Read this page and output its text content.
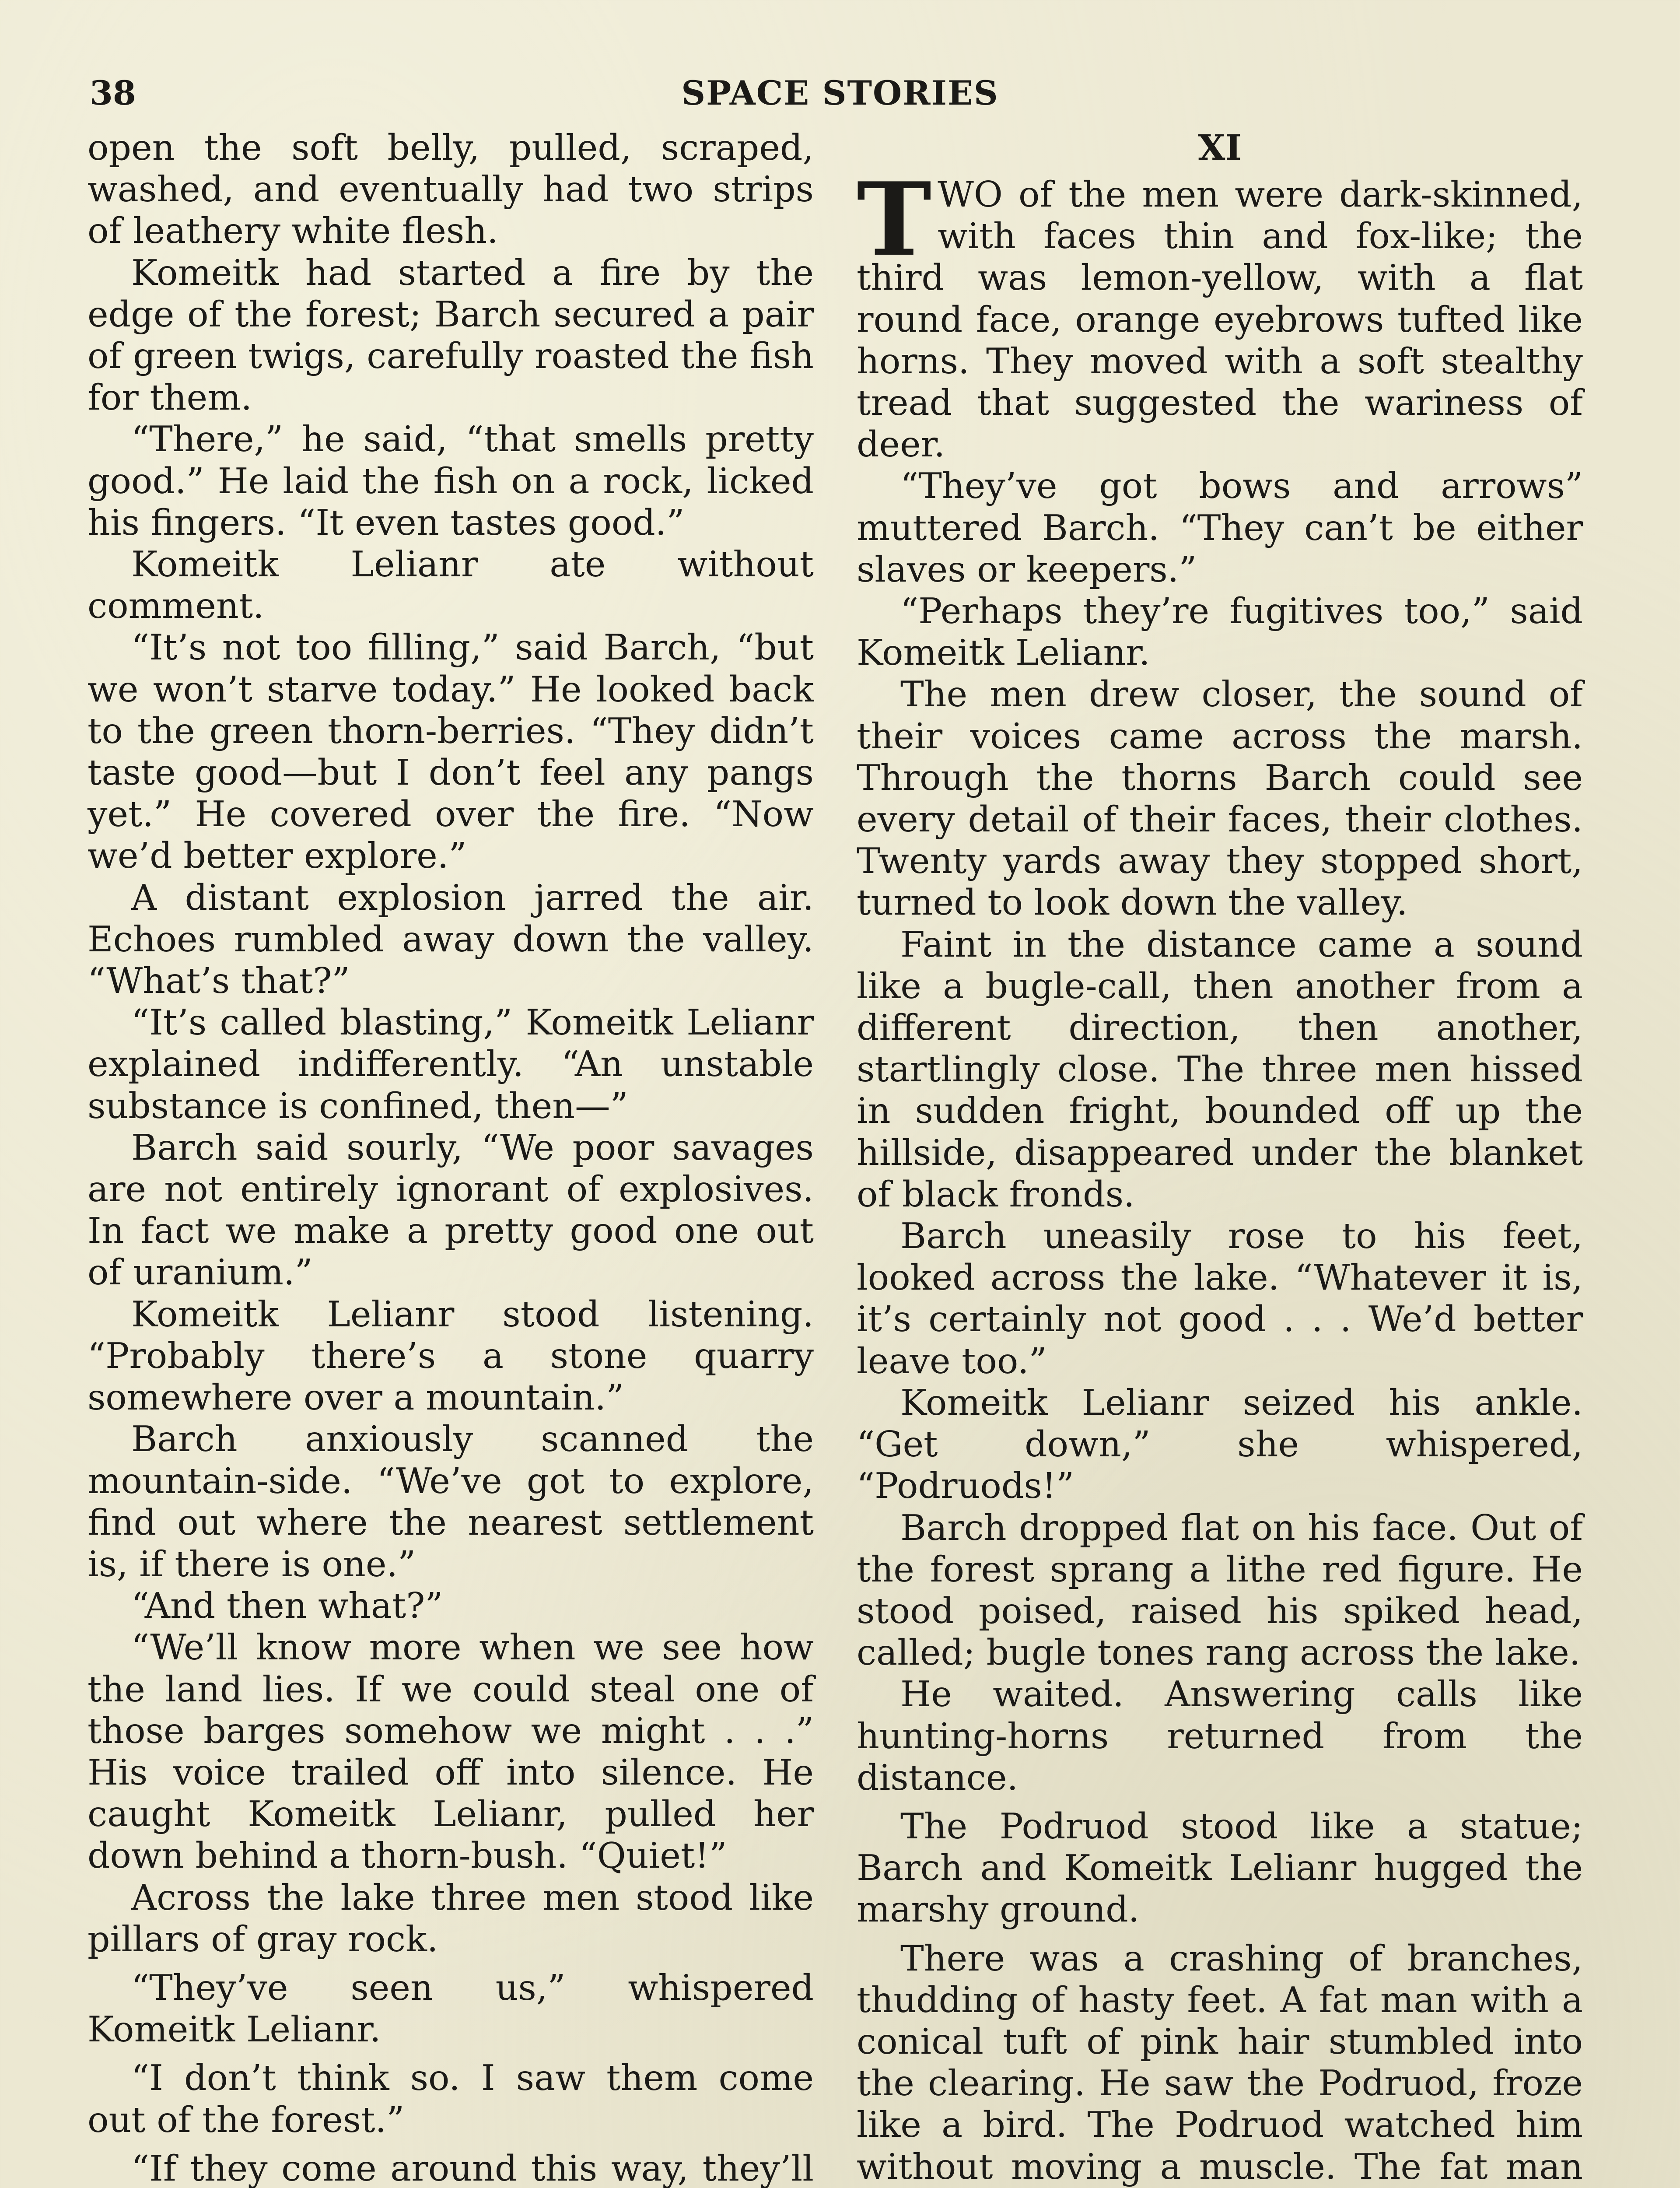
38	SPACE STORIES

open the soft belly, pulled, scraped, washed, and eventually had two strips of leathery white flesh.

Komeitk had started a fire by the edge of the forest; Barch secured a pair of green twigs, carefully roasted the fish for them.

“There,” he said, “that smells pretty good.” He laid the fish on a rock, licked his fingers. “It even tastes good.”

Komeitk Lelianr ate without comment.

“It’s not too filling,” said Barch, “but we won’t starve today.” He looked back to the green thorn-berries. “They didn’t taste good—but I don’t feel any pangs yet.” He covered over the fire. “Now we’d better explore.”

A distant explosion jarred the air. Echoes rumbled away down the valley. “What’s that?”

“It’s called blasting,” Komeitk Lelianr explained indifferently. “An unstable substance is confined, then—”

Barch said sourly, “We poor savages are not entirely ignorant of explosives. In fact we make a pretty good one out of uranium.”

Komeitk Lelianr stood listening. “Probably there’s a stone quarry somewhere over a mountain.”

Barch anxiously scanned the mountain-side. “We’ve got to explore, find out where the nearest settlement is, if there is one.”

“And then what?”

“We’ll know more when we see how the land lies. If we could steal one of those barges somehow we might . . .” His voice trailed off into silence. He caught Komeitk Lelianr, pulled her down behind a thorn-bush. “Quiet!”

Across the lake three men stood like pillars of gray rock.

“They’ve seen us,” whispered Komeitk Lelianr.

“I don’t think so. I saw them come out of the forest.”

“If they come around this way, they’ll

XI

TWO of the men were dark-skinned, with faces thin and fox-like; the third was lemon-yellow, with a flat round face, orange eyebrows tufted like horns. They moved with a soft stealthy tread that suggested the wariness of deer.

“They’ve got bows and arrows” muttered Barch. “They can’t be either slaves or keepers.”

“Perhaps they’re fugitives too,” said Komeitk Lelianr.

The men drew closer, the sound of their voices came across the marsh. Through the thorns Barch could see every detail of their faces, their clothes. Twenty yards away they stopped short, turned to look down the valley.

Faint in the distance came a sound like a bugle-call, then another from a different direction, then another, startlingly close. The three men hissed in sudden fright, bounded off up the hillside, disappeared under the blanket of black fronds.

Barch uneasily rose to his feet, looked across the lake. “Whatever it is, it’s certainly not good . . . We’d better leave too.”

Komeitk Lelianr seized his ankle. “Get down,” she whispered, “Podruods!”

Barch dropped flat on his face. Out of the forest sprang a lithe red figure. He stood poised, raised his spiked head, called; bugle tones rang across the lake.

He waited. Answering calls like hunting-horns returned from the distance.

The Podruod stood like a statue; Barch and Komeitk Lelianr hugged the marshy ground.

There was a crashing of branches, thudding of hasty feet. A fat man with a conical tuft of pink hair stumbled into the clearing. He saw the Podruod, froze like a bird. The Podruod watched him without moving a muscle. The fat man
